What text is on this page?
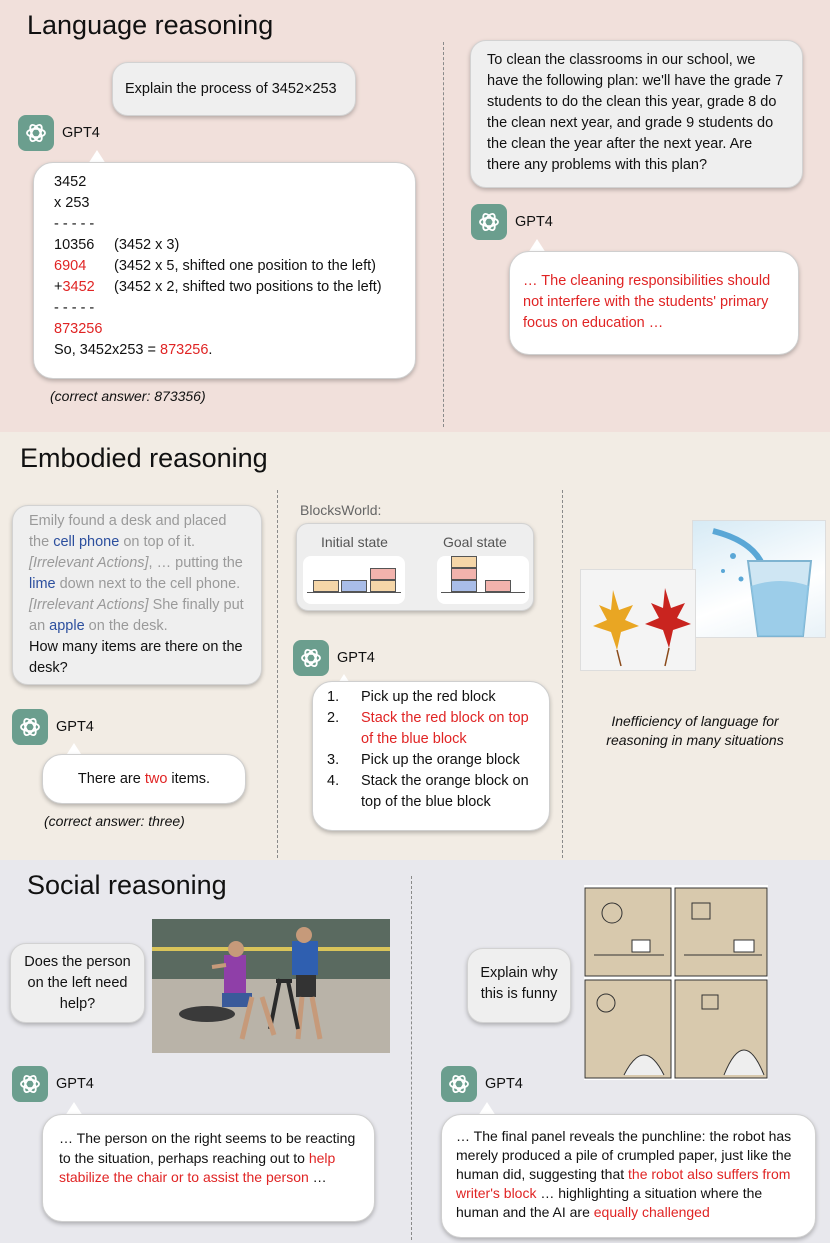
Language reasoning
Explain the process of 3452×253
GPT4
3452
x 253
- - - - -
10356	(3452 x 3)
6904	(3452 x 5, shifted one position to the left)
+3452	(3452 x 2, shifted two positions to the left)
- - - - -
873256
So, 3452x253 = 873256.
(correct answer: 873356)
To clean the classrooms in our school, we have the following plan: we'll have the grade 7 students to do the clean this year, grade 8 do the clean next year, and grade 9 students do the clean the year after the next year. Are there any problems with this plan?
GPT4
… The cleaning responsibilities should not interfere with the students' primary focus on education …
Embodied reasoning
Emily found a desk and placed the cell phone on top of it. [Irrelevant Actions], … putting the lime down next to the cell phone. [Irrelevant Actions] She finally put an apple on the desk.
How many items are there on the desk?
GPT4
There are two items.
(correct answer: three)
BlocksWorld:
Initial state	Goal state
GPT4
1.	Pick up the red block
2.	Stack the red block on top of the blue block
3.	Pick up the orange block
4.	Stack the orange block on top of the blue block
Inefficiency of language for reasoning in many situations
Social reasoning
Does the person on the left need help?
GPT4
… The person on the right seems to be reacting to the situation, perhaps reaching out to help stabilize the chair or to assist the person …
Explain why this is funny
GPT4
… The final panel reveals the punchline: the robot has merely produced a pile of crumpled paper, just like the human did, suggesting that the robot also suffers from writer's block … highlighting a situation where the human and the AI are equally challenged
